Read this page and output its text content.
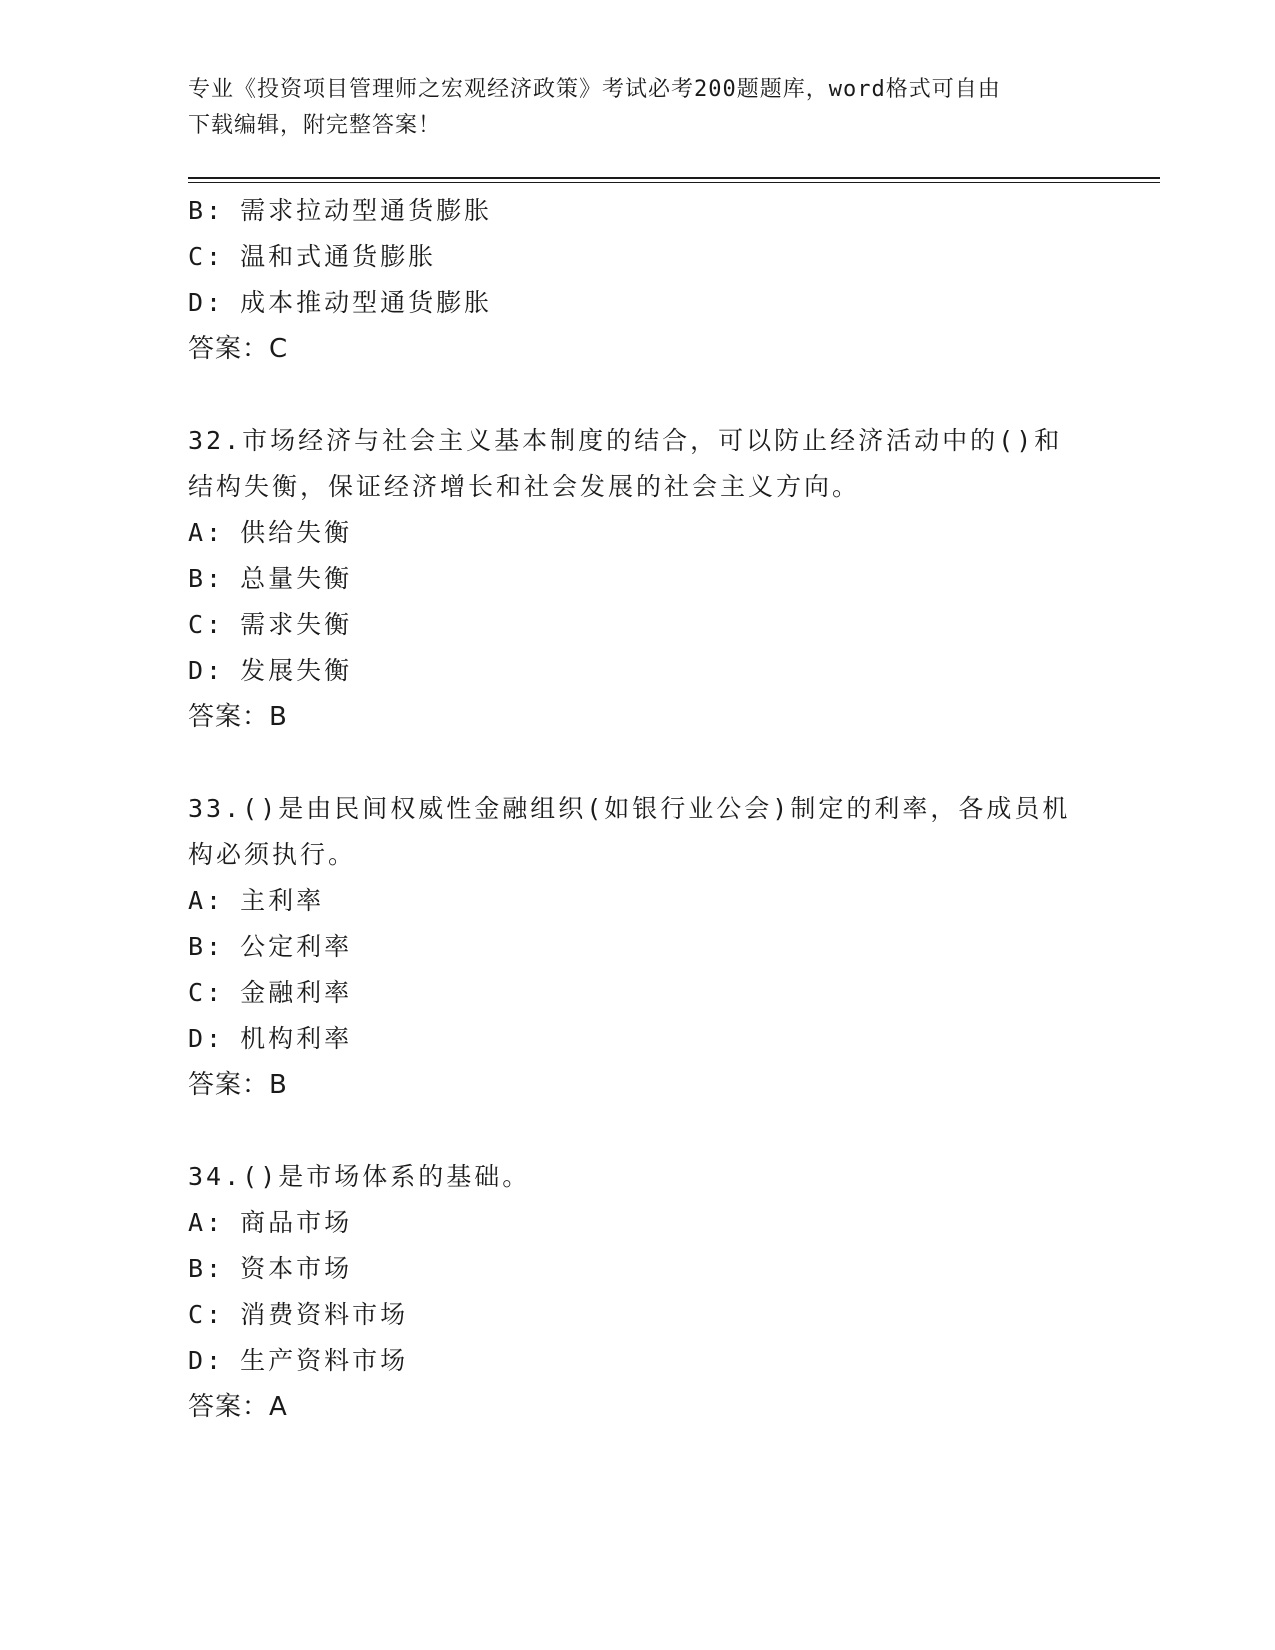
专业《投资项目管理师之宏观经济政策》考试必考200题题库，word格式可自由
下载编辑，附完整答案！
B: 需求拉动型通货膨胀
C: 温和式通货膨胀
D: 成本推动型通货膨胀
答案：C
32.市场经济与社会主义基本制度的结合，可以防止经济活动中的()和
结构失衡，保证经济增长和社会发展的社会主义方向。
A: 供给失衡
B: 总量失衡
C: 需求失衡
D: 发展失衡
答案：B
33.()是由民间权威性金融组织(如银行业公会)制定的利率，各成员机
构必须执行。
A: 主利率
B: 公定利率
C: 金融利率
D: 机构利率
答案：B
34.()是市场体系的基础。
A: 商品市场
B: 资本市场
C: 消费资料市场
D: 生产资料市场
答案：A
